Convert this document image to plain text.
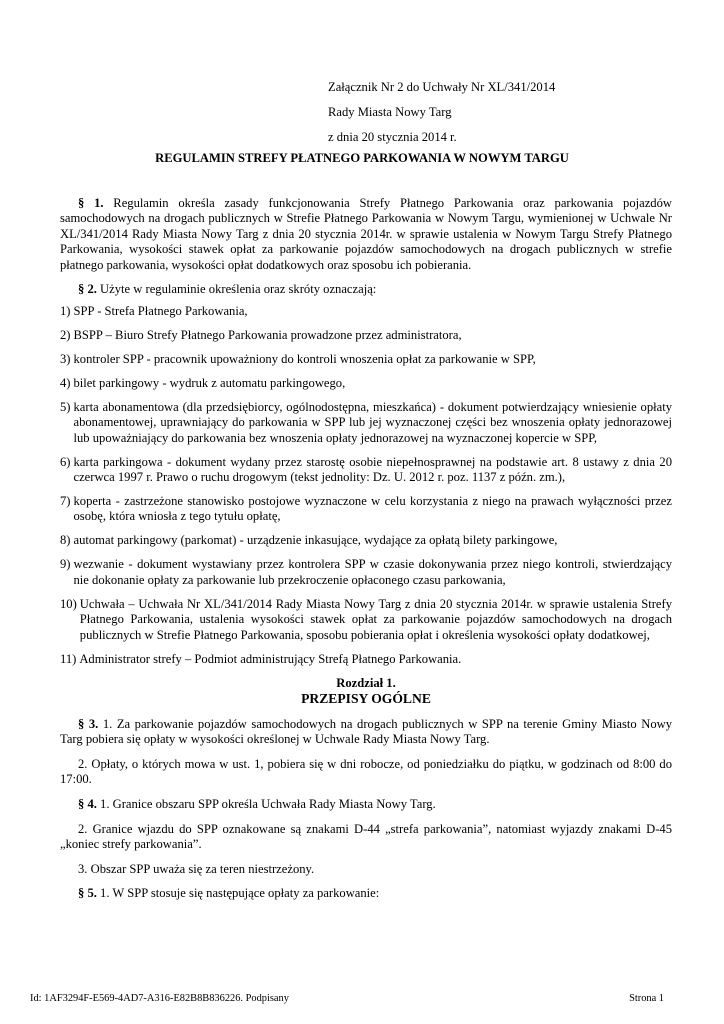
Załącznik Nr 2 do Uchwały Nr XL/341/2014
Rady Miasta Nowy Targ
z dnia 20 stycznia 2014 r.
REGULAMIN STREFY PŁATNEGO PARKOWANIA W NOWYM TARGU

§ 1. Regulamin określa zasady funkcjonowania Strefy Płatnego Parkowania oraz parkowania pojazdów samochodowych na drogach publicznych w Strefie Płatnego Parkowania w Nowym Targu, wymienionej w Uchwale Nr XL/341/2014 Rady Miasta Nowy Targ z dnia 20 stycznia 2014r. w sprawie ustalenia w Nowym Targu Strefy Płatnego Parkowania, wysokości stawek opłat za parkowanie pojazdów samochodowych na drogach publicznych w strefie płatnego parkowania, wysokości opłat dodatkowych oraz sposobu ich pobierania.

§ 2. Użyte w regulaminie określenia oraz skróty oznaczają:

1) SPP - Strefa Płatnego Parkowania,
2) BSPP – Biuro Strefy Płatnego Parkowania prowadzone przez administratora,
3) kontroler SPP - pracownik upoważniony do kontroli wnoszenia opłat za parkowanie w SPP,
4) bilet parkingowy - wydruk z automatu parkingowego,
5) karta abonamentowa (dla przedsiębiorcy, ogólnodostępna, mieszkańca) - dokument potwierdzający wniesienie opłaty abonamentowej, uprawniający do parkowania w SPP lub jej wyznaczonej części bez wnoszenia opłaty jednorazowej lub upoważniający do parkowania bez wnoszenia opłaty jednorazowej na wyznaczonej kopercie w SPP,
6) karta parkingowa - dokument wydany przez starostę osobie niepełnosprawnej na podstawie art. 8 ustawy z dnia 20 czerwca 1997 r. Prawo o ruchu drogowym (tekst jednolity: Dz. U. 2012 r. poz. 1137 z późn. zm.),
7) koperta - zastrzeżone stanowisko postojowe wyznaczone w celu korzystania z niego na prawach wyłączności przez osobę, która wniosła z tego tytułu opłatę,
8) automat parkingowy (parkomat) - urządzenie inkasujące, wydające za opłatą bilety parkingowe,
9) wezwanie - dokument wystawiany przez kontrolera SPP w czasie dokonywania przez niego kontroli, stwierdzający nie dokonanie opłaty za parkowanie lub przekroczenie opłaconego czasu parkowania,
10) Uchwała – Uchwała Nr XL/341/2014 Rady Miasta Nowy Targ z dnia 20 stycznia 2014r. w sprawie ustalenia Strefy Płatnego Parkowania, ustalenia wysokości stawek opłat za parkowanie pojazdów samochodowych na drogach publicznych w Strefie Płatnego Parkowania, sposobu pobierania opłat i określenia wysokości opłaty dodatkowej,
11) Administrator strefy – Podmiot administrujący Strefą Płatnego Parkowania.
Rozdział 1.
PRZEPISY OGÓLNE

§ 3. 1. Za parkowanie pojazdów samochodowych na drogach publicznych w SPP na terenie Gminy Miasto Nowy Targ pobiera się opłaty w wysokości określonej w Uchwale Rady Miasta Nowy Targ.

2. Opłaty, o których mowa w ust. 1, pobiera się w dni robocze, od poniedziałku do piątku, w godzinach od 8:00 do 17:00.

§ 4. 1. Granice obszaru SPP określa Uchwała Rady Miasta Nowy Targ.

2. Granice wjazdu do SPP oznakowane są znakami D-44 „strefa parkowania”, natomiast wyjazdy znakami D-45 „koniec strefy parkowania”.

3. Obszar SPP uważa się za teren niestrzeżony.

§ 5. 1. W SPP stosuje się następujące opłaty za parkowanie:

Id: 1AF3294F-E569-4AD7-A316-E82B8B836226. Podpisany	Strona 1
